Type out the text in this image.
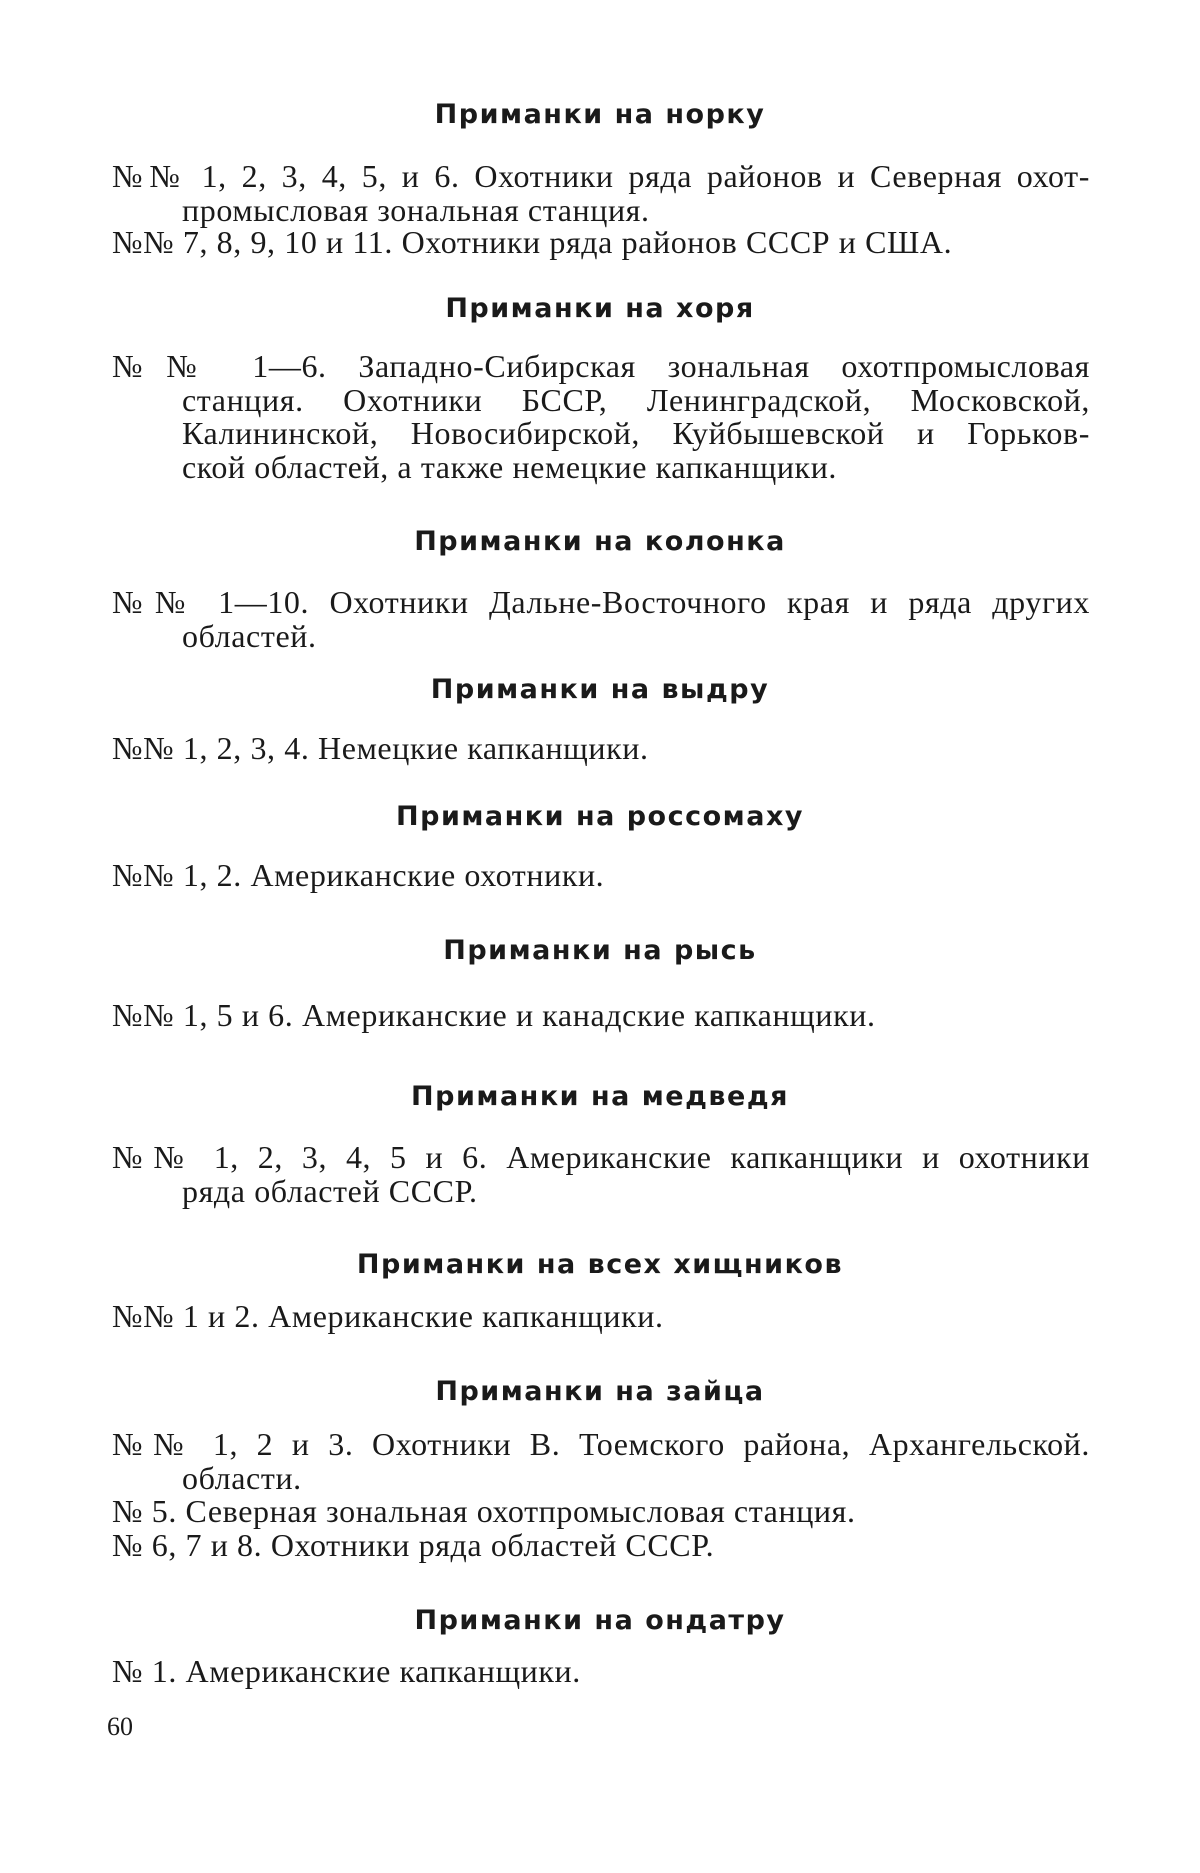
Приманки на норку
№№ 1, 2, 3, 4, 5, и 6. Охотники ряда районов и Северная охот-
промысловая зональная станция.
№№ 7, 8, 9, 10 и 11. Охотники ряда районов СССР и США.
Приманки на хоря
№№ 1—6. Западно-Сибирская зональная охотпромысловая
станция. Охотники БССР, Ленинградской, Московской,
Калининской, Новосибирской, Куйбышевской и Горьков-
ской областей, а также немецкие капканщики.
Приманки на колонка
№№ 1—10. Охотники Дальне-Восточного края и ряда других
областей.
Приманки на выдру
№№ 1, 2, 3, 4. Немецкие капканщики.
Приманки на россомаху
№№ 1, 2. Американские охотники.
Приманки на рысь
№№ 1, 5 и 6. Американские и канадские капканщики.
Приманки на медведя
№№ 1, 2, 3, 4, 5 и 6. Американские капканщики и охотники
ряда областей СССР.
Приманки на всех хищников
№№ 1 и 2. Американские капканщики.
Приманки на зайца
№№ 1, 2 и 3. Охотники В. Тоемского района, Архангельской.
области.
№ 5. Северная зональная охотпромысловая станция.
№ 6, 7 и 8. Охотники ряда областей СССР.
Приманки на ондатру
№ 1. Американские капканщики.
60
